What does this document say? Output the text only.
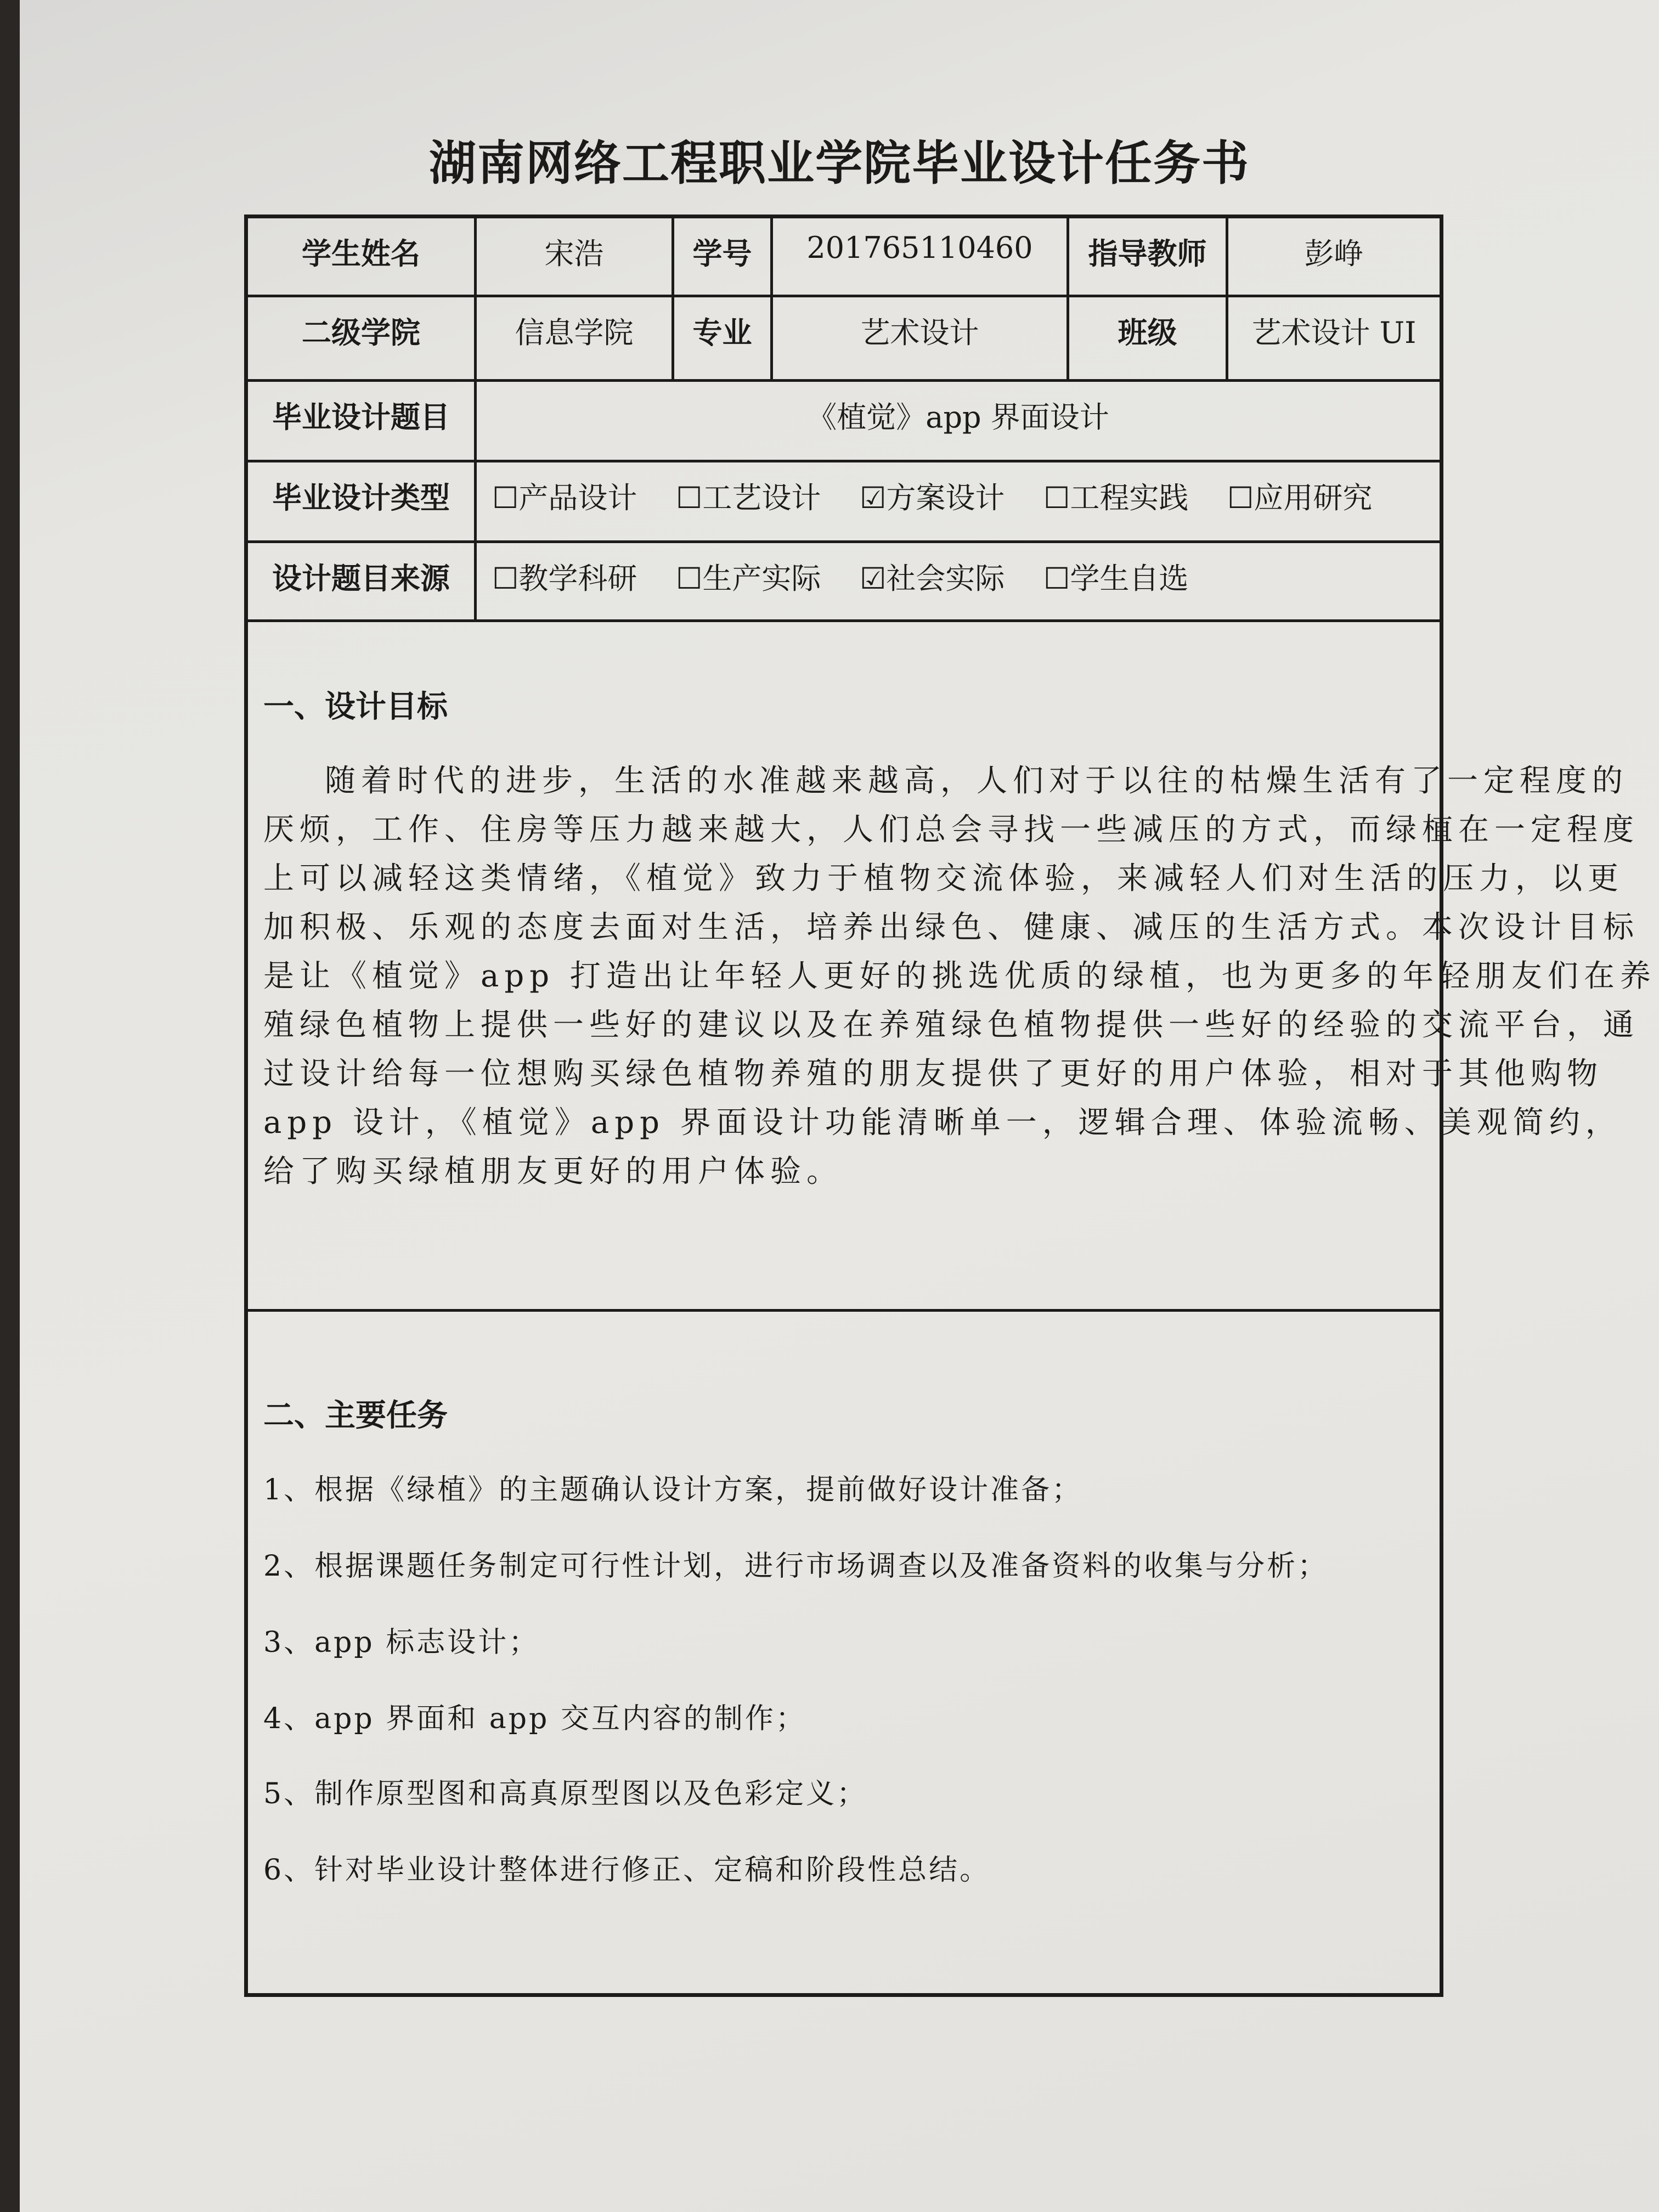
湖南网络工程职业学院毕业设计任务书
学生姓名	宋浩	学号	201765110460	指导教师	彭峥
二级学院	信息学院	专业	艺术设计	班级	艺术设计 UI
毕业设计题目	《植觉》app 界面设计
毕业设计类型	☐产品设计	☐工艺设计	☑方案设计	☐工程实践	☐应用研究
设计题目来源	☐教学科研	☐生产实际	☑社会实际	☐学生自选
一、设计目标
随着时代的进步，生活的水准越来越高，人们对于以往的枯燥生活有了一定程度的
厌烦，工作、住房等压力越来越大，人们总会寻找一些减压的方式，而绿植在一定程度
上可以减轻这类情绪，《植觉》致力于植物交流体验，来减轻人们对生活的压力，以更
加积极、乐观的态度去面对生活，培养出绿色、健康、减压的生活方式。本次设计目标
是让《植觉》app 打造出让年轻人更好的挑选优质的绿植，也为更多的年轻朋友们在养
殖绿色植物上提供一些好的建议以及在养殖绿色植物提供一些好的经验的交流平台，通
过设计给每一位想购买绿色植物养殖的朋友提供了更好的用户体验，相对于其他购物
app 设计，《植觉》app 界面设计功能清晰单一，逻辑合理、体验流畅、美观简约，
给了购买绿植朋友更好的用户体验。
二、主要任务
1、根据《绿植》的主题确认设计方案，提前做好设计准备；
2、根据课题任务制定可行性计划，进行市场调查以及准备资料的收集与分析；
3、app 标志设计；
4、app 界面和 app 交互内容的制作；
5、制作原型图和高真原型图以及色彩定义；
6、针对毕业设计整体进行修正、定稿和阶段性总结。
